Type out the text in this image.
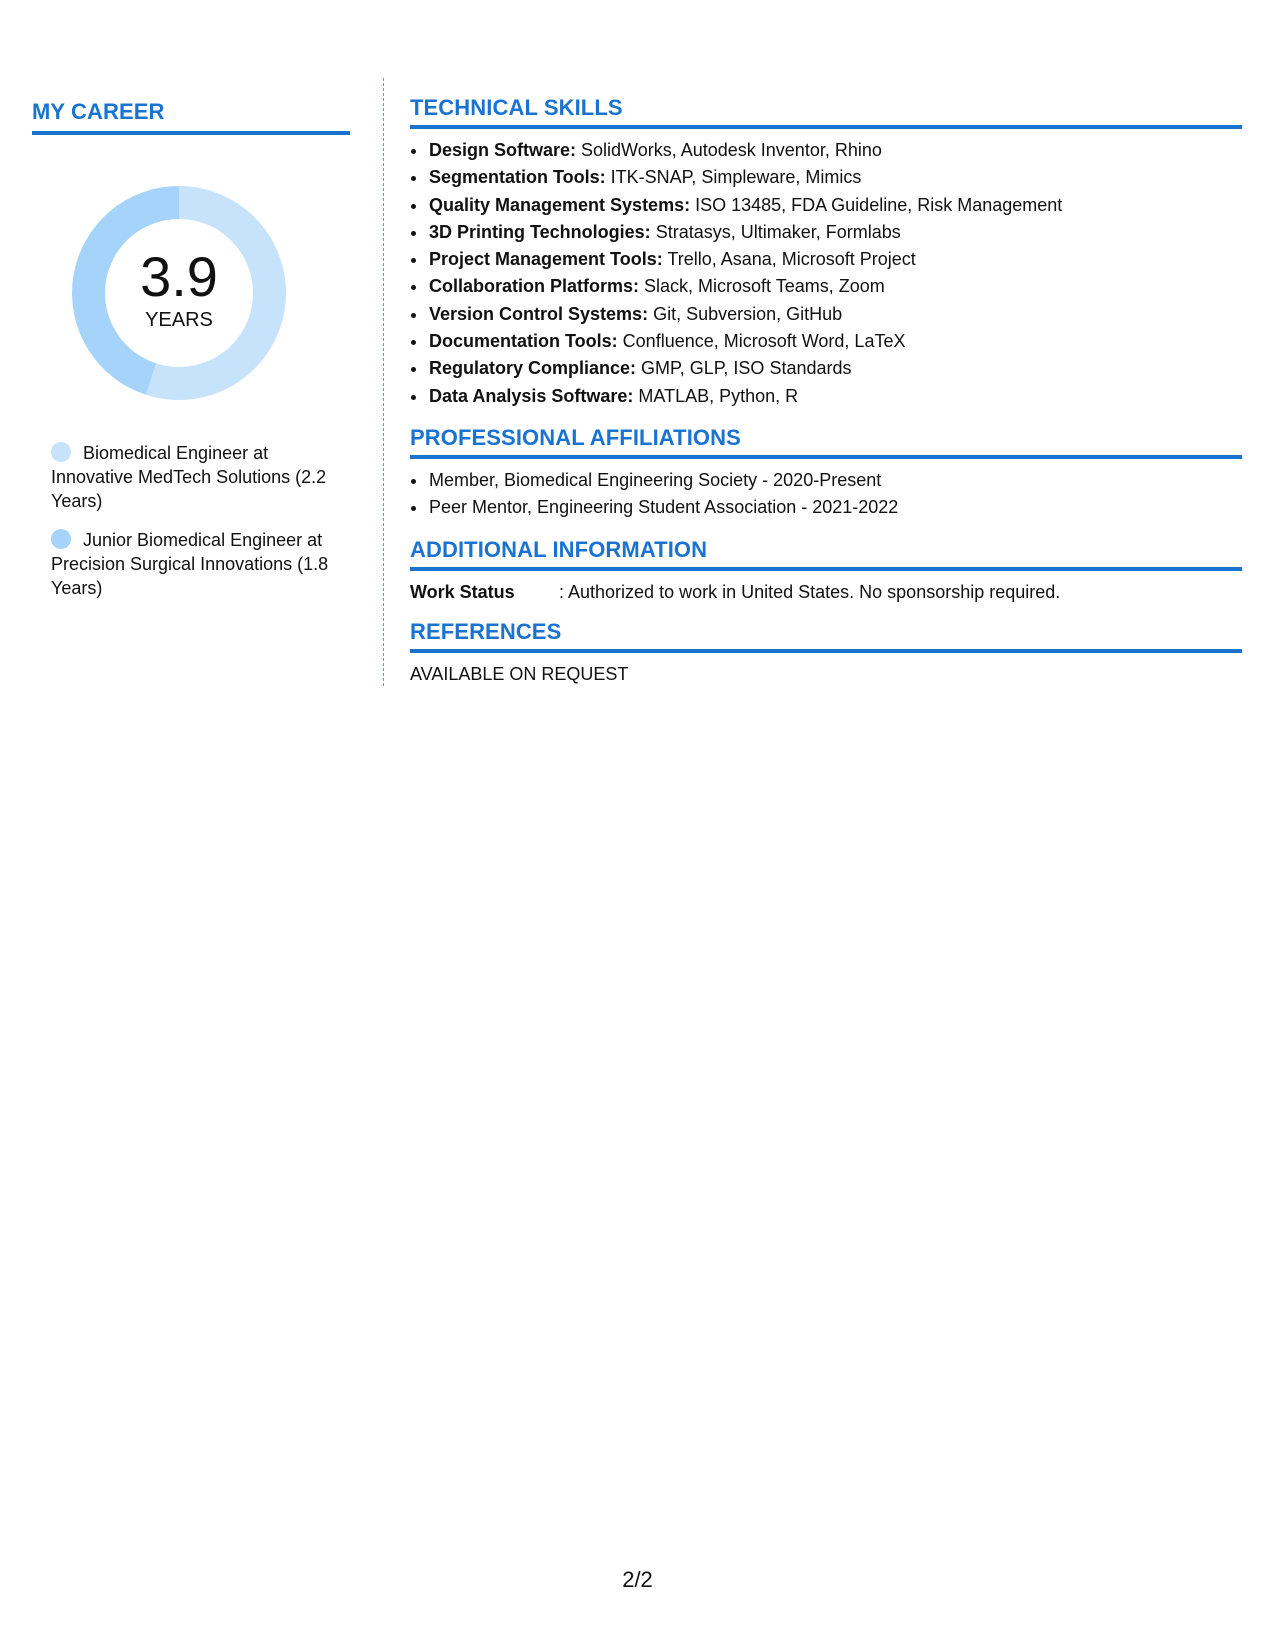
MY CAREER
3.9
YEARS
Biomedical Engineer at Innovative MedTech Solutions (2.2 Years)
Junior Biomedical Engineer at Precision Surgical Innovations (1.8 Years)
TECHNICAL SKILLS
• Design Software: SolidWorks, Autodesk Inventor, Rhino
• Segmentation Tools: ITK-SNAP, Simpleware, Mimics
• Quality Management Systems: ISO 13485, FDA Guideline, Risk Management
• 3D Printing Technologies: Stratasys, Ultimaker, Formlabs
• Project Management Tools: Trello, Asana, Microsoft Project
• Collaboration Platforms: Slack, Microsoft Teams, Zoom
• Version Control Systems: Git, Subversion, GitHub
• Documentation Tools: Confluence, Microsoft Word, LaTeX
• Regulatory Compliance: GMP, GLP, ISO Standards
• Data Analysis Software: MATLAB, Python, R
PROFESSIONAL AFFILIATIONS
• Member, Biomedical Engineering Society - 2020-Present
• Peer Mentor, Engineering Student Association - 2021-2022
ADDITIONAL INFORMATION
Work Status	: Authorized to work in United States. No sponsorship required.
REFERENCES
AVAILABLE ON REQUEST
2/2
